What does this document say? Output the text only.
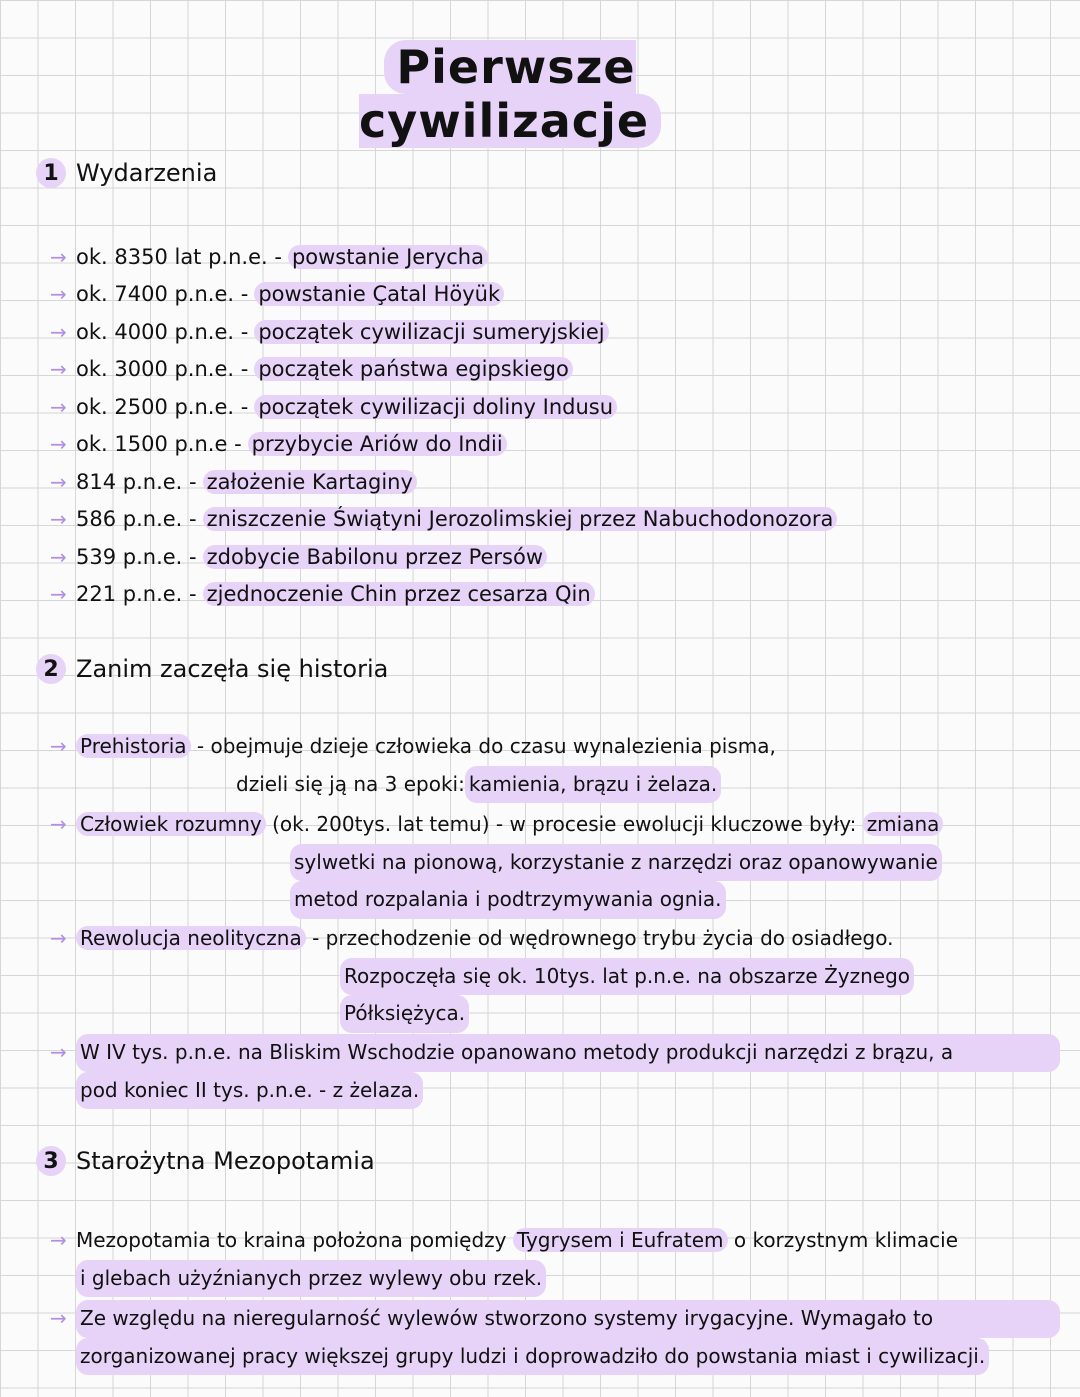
Pierwsze cywilizacje
1 Wydarzenia
→ ok. 8350 lat p.n.e. - powstanie Jerycha
→ ok. 7400 p.n.e. - powstanie Çatal Höyük
→ ok. 4000 p.n.e. - początek cywilizacji sumeryjskiej
→ ok. 3000 p.n.e. - początek państwa egipskiego
→ ok. 2500 p.n.e. - początek cywilizacji doliny Indusu
→ ok. 1500 p.n.e - przybycie Ariów do Indii
→ 814 p.n.e. - założenie Kartaginy
→ 586 p.n.e. - zniszczenie Świątyni Jerozolimskiej przez Nabuchodonozora
→ 539 p.n.e. - zdobycie Babilonu przez Persów
→ 221 p.n.e. - zjednoczenie Chin przez cesarza Qin
2 Zanim zaczęła się historia
→ Prehistoria - obejmuje dzieje człowieka do czasu wynalezienia pisma,
dzieli się ją na 3 epoki: kamienia, brązu i żelaza.
→ Człowiek rozumny (ok. 200tys. lat temu) - w procesie ewolucji kluczowe były: zmiana
sylwetki na pionową, korzystanie z narzędzi oraz opanowywanie
metod rozpalania i podtrzymywania ognia.
→ Rewolucja neolityczna - przechodzenie od wędrownego trybu życia do osiadłego.
Rozpoczęła się ok. 10tys. lat p.n.e. na obszarze Żyznego
Półksiężyca.
→ W IV tys. p.n.e. na Bliskim Wschodzie opanowano metody produkcji narzędzi z brązu, a
pod koniec II tys. p.n.e. - z żelaza.
3 Starożytna Mezopotamia
→ Mezopotamia to kraina położona pomiędzy Tygrysem i Eufratem o korzystnym klimacie
i glebach użyźnianych przez wylewy obu rzek.
→ Ze względu na nieregularność wylewów stworzono systemy irygacyjne. Wymagało to
zorganizowanej pracy większej grupy ludzi i doprowadziło do powstania miast i cywilizacji.
